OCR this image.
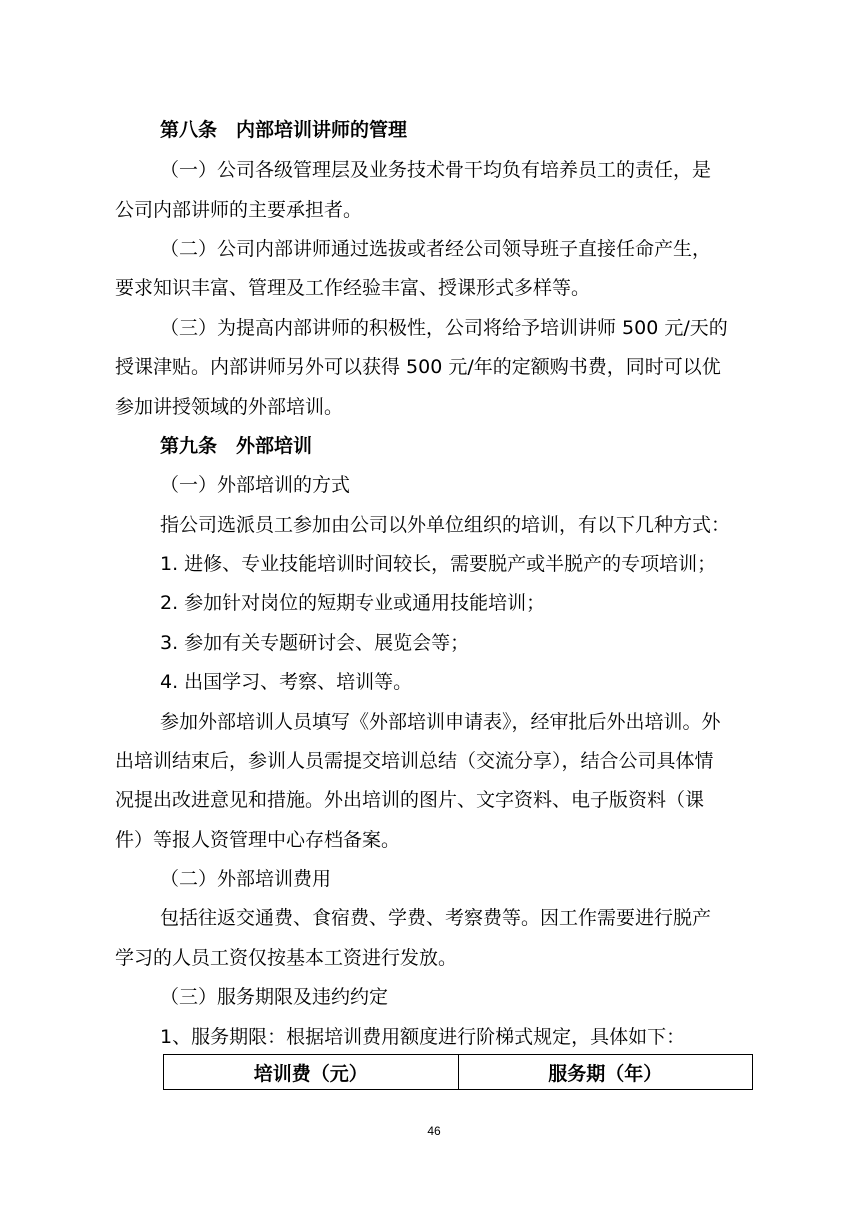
第八条　内部培训讲师的管理
（一）公司各级管理层及业务技术骨干均负有培养员工的责任，是
公司内部讲师的主要承担者。
（二）公司内部讲师通过选拔或者经公司领导班子直接任命产生，
要求知识丰富、管理及工作经验丰富、授课形式多样等。
（三）为提高内部讲师的积极性，公司将给予培训讲师 500 元/天的
授课津贴。内部讲师另外可以获得 500 元/年的定额购书费，同时可以优
参加讲授领域的外部培训。
第九条　外部培训
（一）外部培训的方式
指公司选派员工参加由公司以外单位组织的培训，有以下几种方式：
1. 进修、专业技能培训时间较长，需要脱产或半脱产的专项培训；
2. 参加针对岗位的短期专业或通用技能培训；
3. 参加有关专题研讨会、展览会等；
4. 出国学习、考察、培训等。
参加外部培训人员填写《外部培训申请表》，经审批后外出培训。外
出培训结束后，参训人员需提交培训总结（交流分享），结合公司具体情
况提出改进意见和措施。外出培训的图片、文字资料、电子版资料（课
件）等报人资管理中心存档备案。
（二）外部培训费用
包括往返交通费、食宿费、学费、考察费等。因工作需要进行脱产
学习的人员工资仅按基本工资进行发放。
（三）服务期限及违约约定
1、服务期限：根据培训费用额度进行阶梯式规定，具体如下：
培训费（元）	服务期（年）
46
